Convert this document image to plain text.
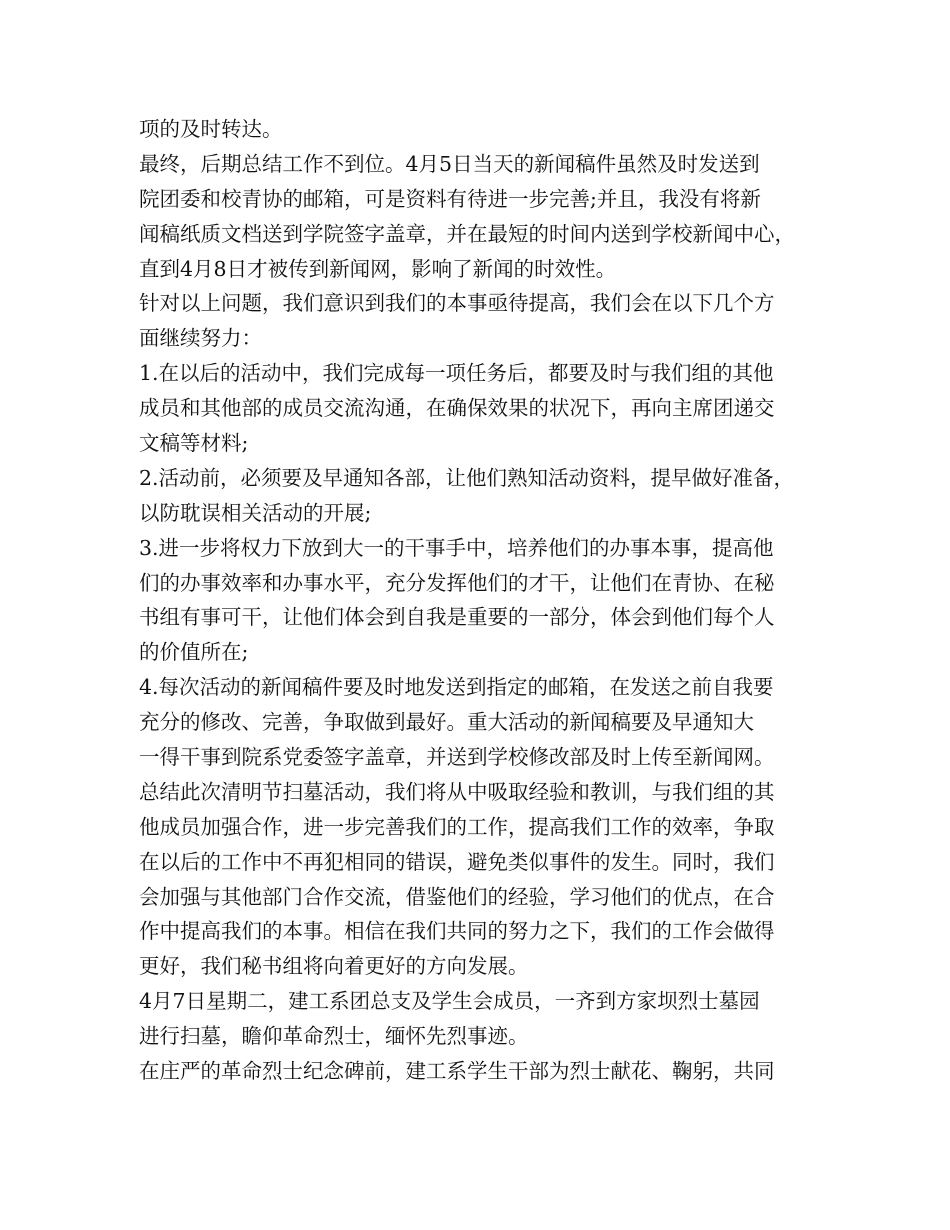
项的及时转达。
最终，后期总结工作不到位。4月5日当天的新闻稿件虽然及时发送到
院团委和校青协的邮箱，可是资料有待进一步完善;并且，我没有将新
闻稿纸质文档送到学院签字盖章，并在最短的时间内送到学校新闻中心，
直到4月8日才被传到新闻网，影响了新闻的时效性。
针对以上问题，我们意识到我们的本事亟待提高，我们会在以下几个方
面继续努力：
1.在以后的活动中，我们完成每一项任务后，都要及时与我们组的其他
成员和其他部的成员交流沟通，在确保效果的状况下，再向主席团递交
文稿等材料;
2.活动前，必须要及早通知各部，让他们熟知活动资料，提早做好准备，
以防耽误相关活动的开展;
3.进一步将权力下放到大一的干事手中，培养他们的办事本事，提高他
们的办事效率和办事水平，充分发挥他们的才干，让他们在青协、在秘
书组有事可干，让他们体会到自我是重要的一部分，体会到他们每个人
的价值所在;
4.每次活动的新闻稿件要及时地发送到指定的邮箱，在发送之前自我要
充分的修改、完善，争取做到最好。重大活动的新闻稿要及早通知大
一得干事到院系党委签字盖章，并送到学校修改部及时上传至新闻网。
总结此次清明节扫墓活动，我们将从中吸取经验和教训，与我们组的其
他成员加强合作，进一步完善我们的工作，提高我们工作的效率，争取
在以后的工作中不再犯相同的错误，避免类似事件的发生。同时，我们
会加强与其他部门合作交流，借鉴他们的经验，学习他们的优点，在合
作中提高我们的本事。相信在我们共同的努力之下，我们的工作会做得
更好，我们秘书组将向着更好的方向发展。
4月7日星期二，建工系团总支及学生会成员，一齐到方家坝烈士墓园
进行扫墓，瞻仰革命烈士，缅怀先烈事迹。
在庄严的革命烈士纪念碑前，建工系学生干部为烈士献花、鞠躬，共同
